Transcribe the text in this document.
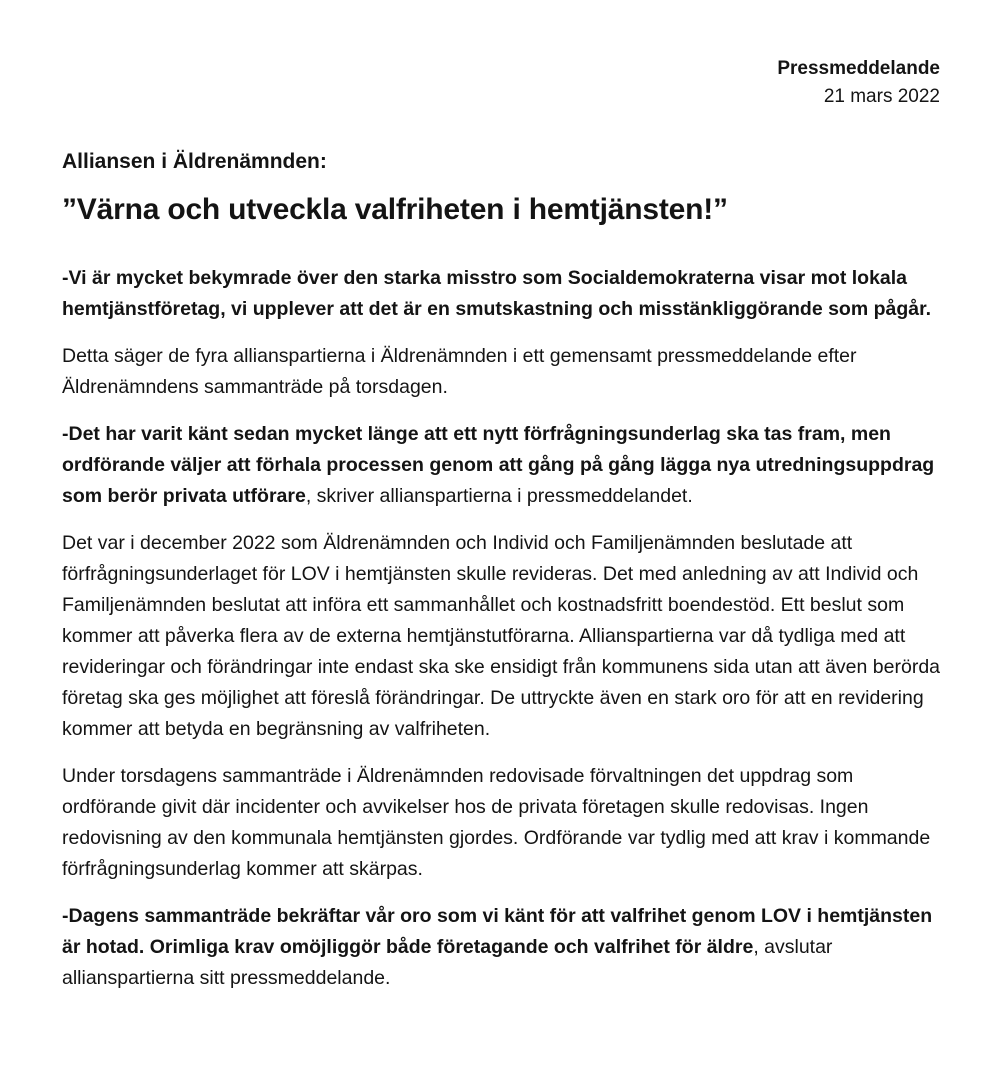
Pressmeddelande
21 mars 2022
Alliansen i Äldrenämnden:
”Värna och utveckla valfriheten i hemtjänsten!”

-Vi är mycket bekymrade över den starka misstro som Socialdemokraterna visar mot lokala hemtjänstföretag, vi upplever att det är en smutskastning och misstänkliggörande som pågår.

Detta säger de fyra allianspartierna i Äldrenämnden i ett gemensamt pressmeddelande efter Äldrenämndens sammanträde på torsdagen.

-Det har varit känt sedan mycket länge att ett nytt förfrågningsunderlag ska tas fram, men ordförande väljer att förhala processen genom att gång på gång lägga nya utredningsuppdrag som berör privata utförare, skriver allianspartierna i pressmeddelandet.

Det var i december 2022 som Äldrenämnden och Individ och Familjenämnden beslutade att förfrågningsunderlaget för LOV i hemtjänsten skulle revideras. Det med anledning av att Individ och Familjenämnden beslutat att införa ett sammanhållet och kostnadsfritt boendestöd. Ett beslut som kommer att påverka flera av de externa hemtjänstutförarna. Allianspartierna var då tydliga med att revideringar och förändringar inte endast ska ske ensidigt från kommunens sida utan att även berörda företag ska ges möjlighet att föreslå förändringar. De uttryckte även en stark oro för att en revidering kommer att betyda en begränsning av valfriheten.

Under torsdagens sammanträde i Äldrenämnden redovisade förvaltningen det uppdrag som ordförande givit där incidenter och avvikelser hos de privata företagen skulle redovisas. Ingen redovisning av den kommunala hemtjänsten gjordes. Ordförande var tydlig med att krav i kommande förfrågningsunderlag kommer att skärpas.

-Dagens sammanträde bekräftar vår oro som vi känt för att valfrihet genom LOV i hemtjänsten är hotad. Orimliga krav omöjliggör både företagande och valfrihet för äldre, avslutar allianspartierna sitt pressmeddelande.
